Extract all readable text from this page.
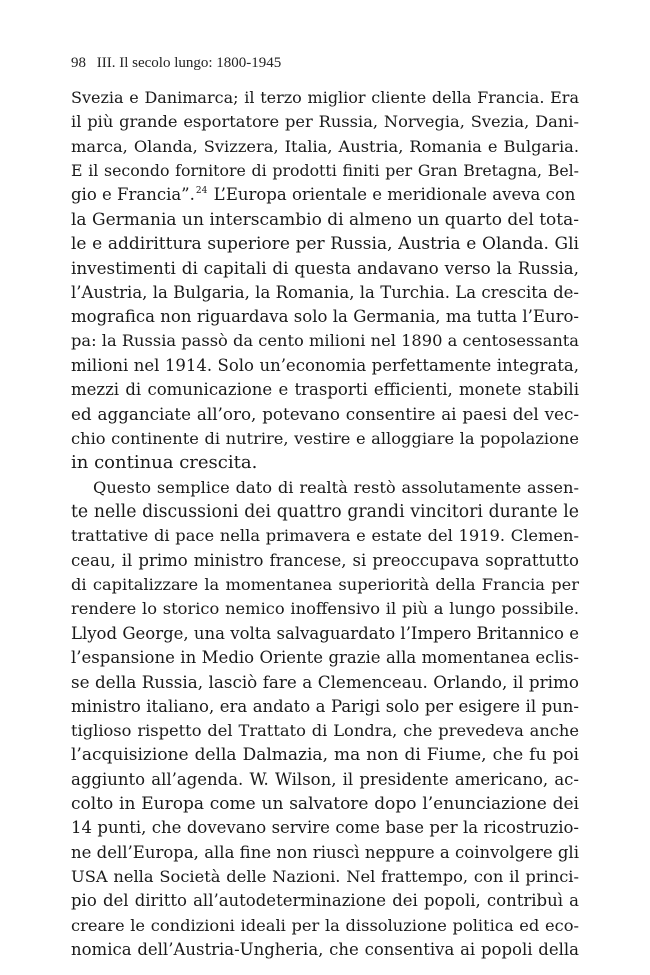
98 III. Il secolo lungo: 1800-1945
Svezia e Danimarca; il terzo miglior cliente della Francia. Era
il più grande esportatore per Russia, Norvegia, Svezia, Dani-
marca, Olanda, Svizzera, Italia, Austria, Romania e Bulgaria.
E il secondo fornitore di prodotti finiti per Gran Bretagna, Bel-
gio e Francia”.$^{24}$ L’Europa orientale e meridionale aveva con
la Germania un interscambio di almeno un quarto del tota-
le e addirittura superiore per Russia, Austria e Olanda. Gli
investimenti di capitali di questa andavano verso la Russia,
l’Austria, la Bulgaria, la Romania, la Turchia. La crescita de-
mografica non riguardava solo la Germania, ma tutta l’Euro-
pa: la Russia passò da cento milioni nel 1890 a centosessanta
milioni nel 1914. Solo un’economia perfettamente integrata,
mezzi di comunicazione e trasporti efficienti, monete stabili
ed agganciate all’oro, potevano consentire ai paesi del vec-
chio continente di nutrire, vestire e alloggiare la popolazione
in continua crescita.
Questo semplice dato di realtà restò assolutamente assen-
te nelle discussioni dei quattro grandi vincitori durante le
trattative di pace nella primavera e estate del 1919. Clemen-
ceau, il primo ministro francese, si preoccupava soprattutto
di capitalizzare la momentanea superiorità della Francia per
rendere lo storico nemico inoffensivo il più a lungo possibile.
Llyod George, una volta salvaguardato l’Impero Britannico e
l’espansione in Medio Oriente grazie alla momentanea eclis-
se della Russia, lasciò fare a Clemenceau. Orlando, il primo
ministro italiano, era andato a Parigi solo per esigere il pun-
tiglioso rispetto del Trattato di Londra, che prevedeva anche
l’acquisizione della Dalmazia, ma non di Fiume, che fu poi
aggiunto all’agenda. W. Wilson, il presidente americano, ac-
colto in Europa come un salvatore dopo l’enunciazione dei
14 punti, che dovevano servire come base per la ricostruzio-
ne dell’Europa, alla fine non riuscì neppure a coinvolgere gli
USA nella Società delle Nazioni. Nel frattempo, con il princi-
pio del diritto all’autodeterminazione dei popoli, contribuì a
creare le condizioni ideali per la dissoluzione politica ed eco-
nomica dell’Austria-Ungheria, che consentiva ai popoli della
